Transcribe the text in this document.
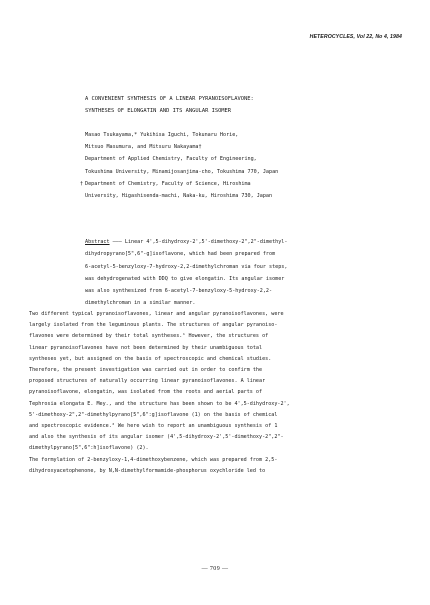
HETEROCYCLES, Vol 22, No 4, 1984
A CONVENIENT SYNTHESIS OF A LINEAR PYRANOISOFLAVONE:
SYNTHESES OF ELONGATIN AND ITS ANGULAR ISOMER
Masao Tsukayama,* Yukihisa Iguchi, Tokunaru Horie,
Mitsuo Masumura, and Mitsuru Nakayama†
Department of Applied Chemistry, Faculty of Engineering,
Tokushima University, Minamijosanjima-cho, Tokushima 770, Japan
† Department of Chemistry, Faculty of Science, Hiroshima
University, Higashisenda-machi, Naka-ku, Hiroshima 730, Japan
Abstract ——— Linear 4',5-dihydroxy-2',5'-dimethoxy-2",2"-dimethyl-
dihydropyrano[5",6"-g]isoflavone, which had been prepared from
6-acetyl-5-benzyloxy-7-hydroxy-2,2-dimethylchroman via four steps,
was dehydrogenated with DDQ to give elongatin. Its angular isomer
was also synthesized from 6-acetyl-7-benzyloxy-5-hydroxy-2,2-
dimethylchroman in a similar manner.
Two different typical pyranoisoflavones, linear and angular pyranoisoflavones, were
largely isolated from the leguminous plants. The structures of angular pyranoiso-
flavones were determined by their total syntheses.¹ However, the structures of
linear pyranoisoflavones have not been determined by their unambiguous total
syntheses yet, but assigned on the basis of spectroscopic and chemical studies.
Therefore, the present investigation was carried out in order to confirm the
proposed structures of naturally occurring linear pyranoisoflavones. A linear
pyranoisoflavone, elongatin, was isolated from the roots and aerial parts of
Tephrosia elongata E. Mey., and the structure has been shown to be 4',5-dihydroxy-2',
5'-dimethoxy-2",2"-dimethylpyrano[5",6":g]isoflavone (1) on the basis of chemical
and spectroscopic evidence.² We here wish to report an unambiguous synthesis of 1
and also the synthesis of its angular isomer (4',5-dihydroxy-2',5'-dimethoxy-2",2"-
dimethylpyrano[5",6":h]isoflavone) (2).
The formylation of 2-benzyloxy-1,4-dimethoxybenzene, which was prepared from 2,5-
dihydroxyacetophenone, by N,N-dimethylformamide-phosphorus oxychloride led to
— 709 —
